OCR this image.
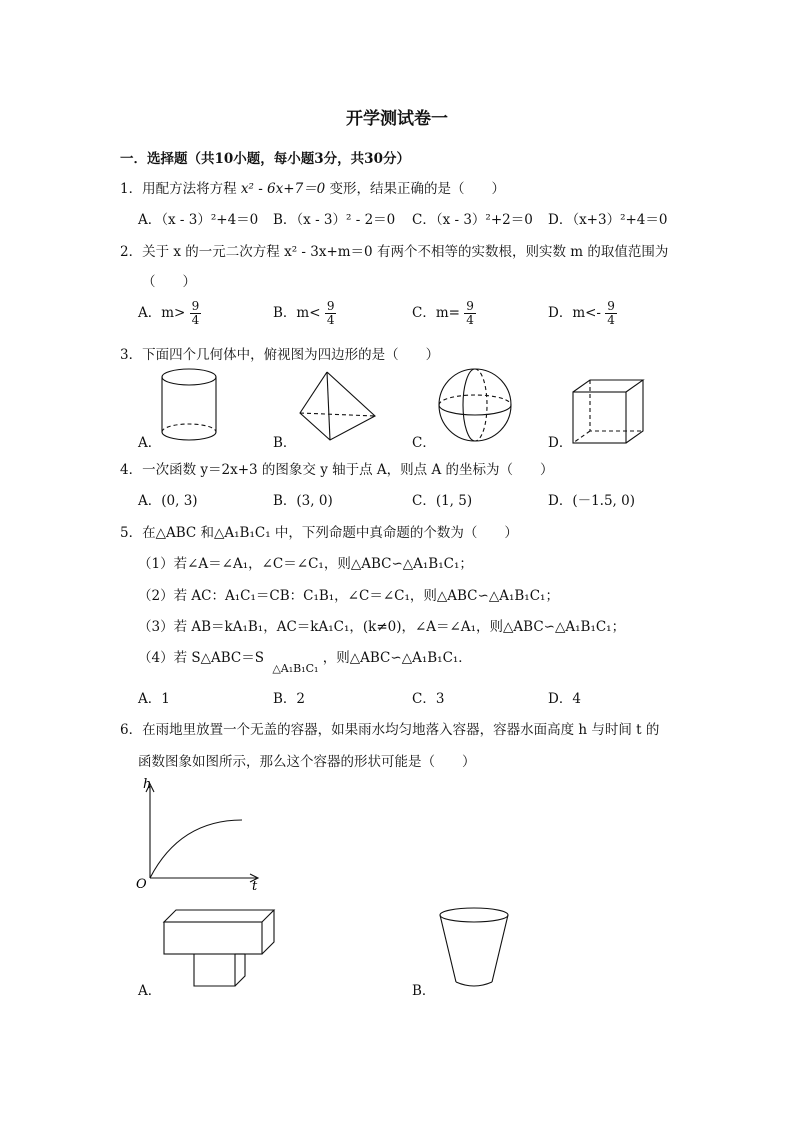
开学测试卷一
一．选择题（共10小题，每小题3分，共30分）
1．用配方法将方程 x² - 6x+7＝0 变形，结果正确的是（　　）
A．（x - 3）²+4＝0 B．（x - 3）² - 2＝0 C．（x - 3）²+2＝0 D．（x+3）²+4＝0
2．关于 x 的一元二次方程 x² - 3x+m＝0 有两个不相等的实数根，则实数 m 的取值范围为
（　　）
A．$m> \frac{9}{4}$	B．$m< \frac{9}{4}$	C．$m= \frac{9}{4}$	D．$m<- \frac{9}{4}$
3．下面四个几何体中，俯视图为四边形的是（　　）
A．	B．	C．	D．
4．一次函数 y＝2x+3 的图象交 y 轴于点 A，则点 A 的坐标为（　　）
A．(0, 3)	B．(3, 0)	C．(1, 5)	D．(－1.5, 0)
5．在△ABC 和△A₁B₁C₁ 中，下列命题中真命题的个数为（　　）
（1）若∠A＝∠A₁，∠C＝∠C₁，则△ABC∽△A₁B₁C₁；
（2）若 AC：A₁C₁＝CB：C₁B₁，∠C＝∠C₁，则△ABC∽△A₁B₁C₁；
（3）若 AB＝kA₁B₁，AC＝kA₁C₁，(k≠0)，∠A＝∠A₁，则△ABC∽△A₁B₁C₁；
（4）若 S△ABC＝S $_{\triangle A_1B_1C_1}$ ，则△ABC∽△A₁B₁C₁．
A．1	B．2	C．3	D．4
6．在雨地里放置一个无盖的容器，如果雨水均匀地落入容器，容器水面高度 h 与时间 t 的
函数图象如图所示，那么这个容器的形状可能是（　　）
h
t
O
A．	B．
